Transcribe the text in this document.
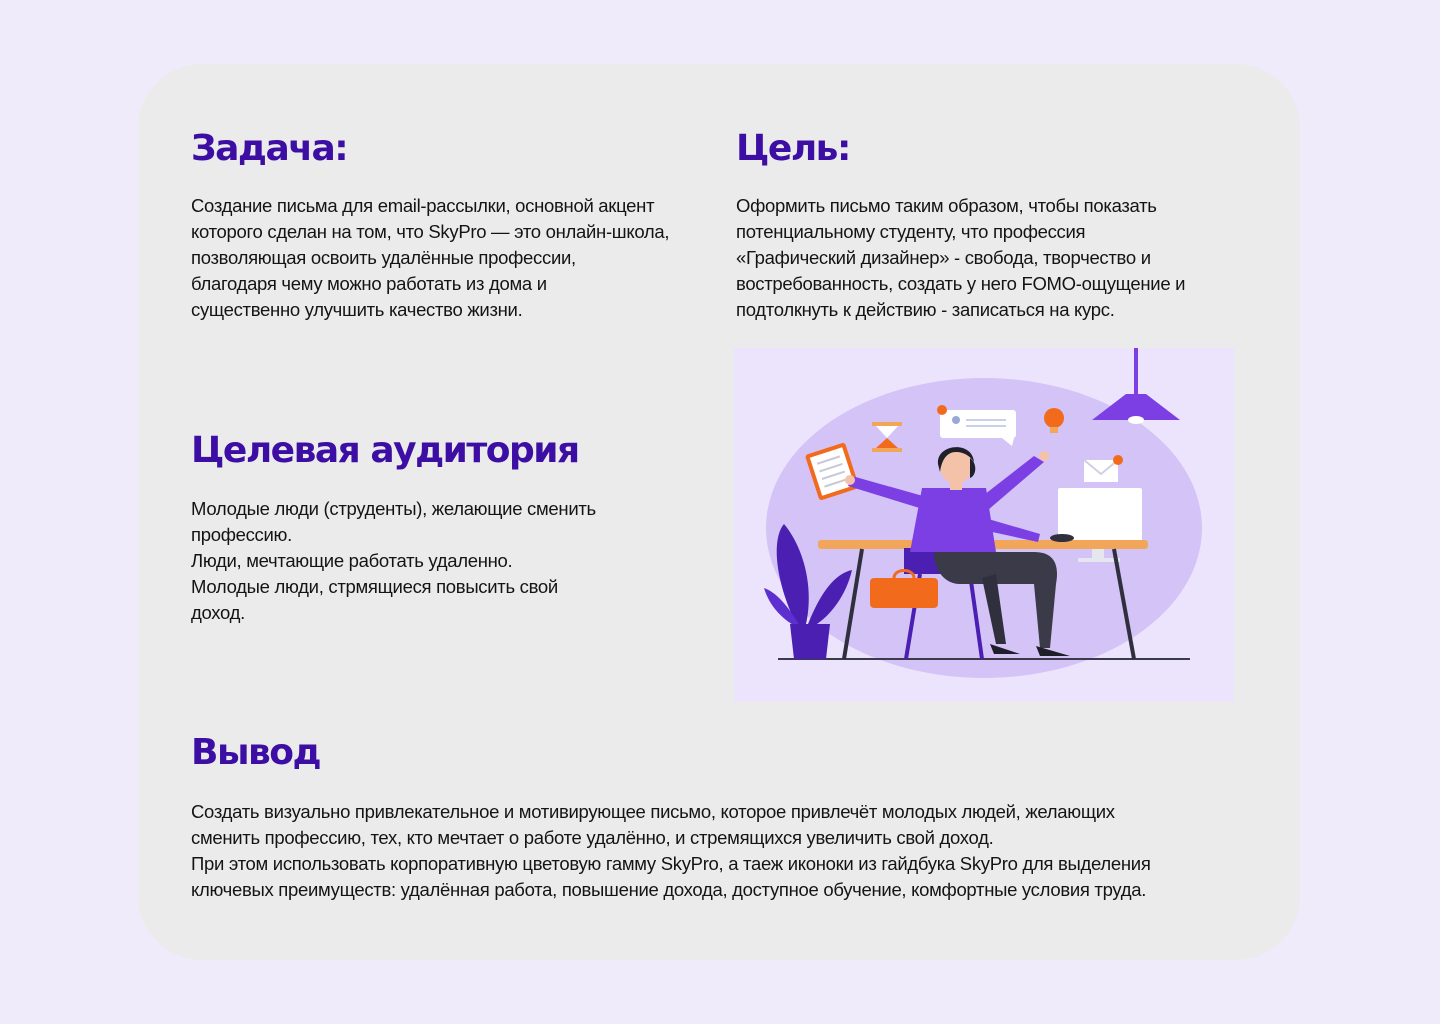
Задача:

Создание письма для email-рассылки, основной акцент
которого сделан на том, что SkyPro — это онлайн-школа,
позволяющая освоить удалённые профессии,
благодаря чему можно работать из дома и
существенно улучшить качество жизни.

Цель:

Оформить письмо таким образом, чтобы показать
потенциальному студенту, что профессия
«Графический дизайнер» - свобода, творчество и
востребованность, создать у него FOMO-ощущение и
подтолкнуть к действию - записаться на курс.

Целевая аудитория

Молодые люди (струденты), желающие сменить
профессию.
Люди, мечтающие работать удаленно.
Молодые люди, стрмящиеся повысить свой
доход.

Вывод

Создать визуально привлекательное и мотивирующее письмо, которое привлечёт молодых людей, желающих
сменить профессию, тех, кто мечтает о работе удалённо, и стремящихся увеличить свой доход.
При этом использовать корпоративную цветовую гамму SkyPro, а таеж иконоки из гайдбука SkyPro для выделения
ключевых преимуществ: удалённая работа, повышение дохода, доступное обучение, комфортные условия труда.
